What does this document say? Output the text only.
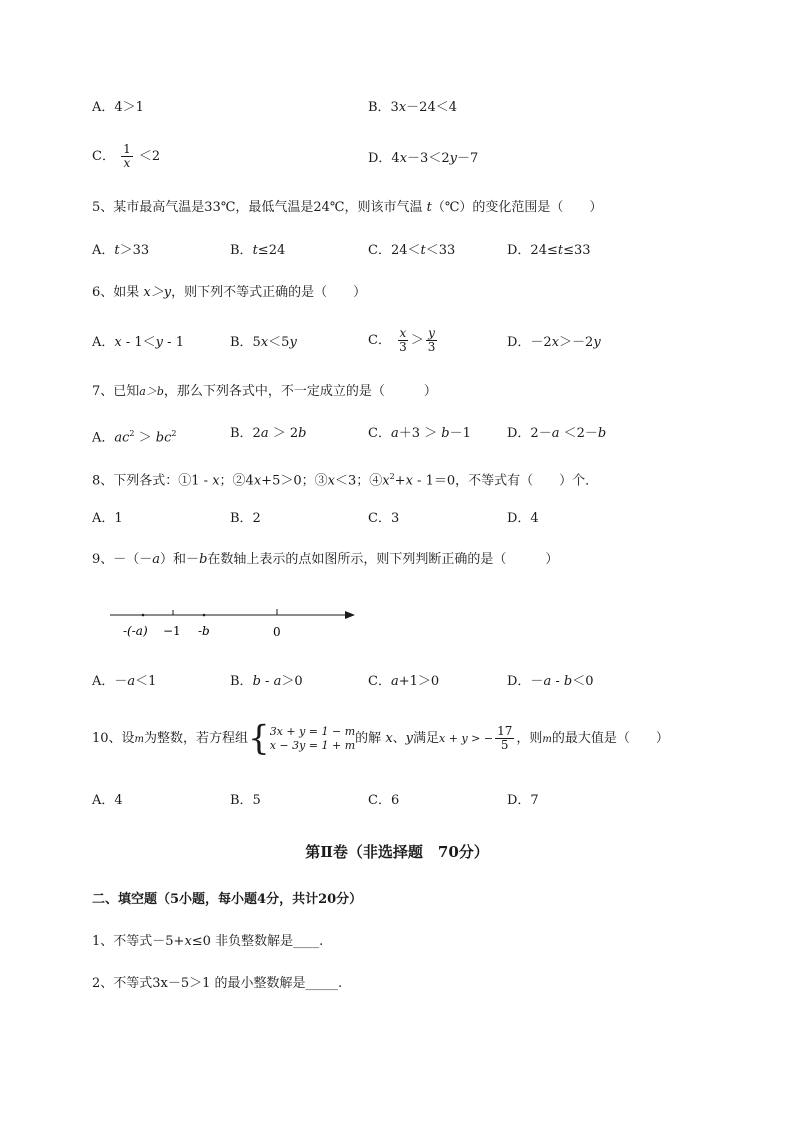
A．4＞1	B．3x－24＜4
C． $\frac{1}{x} <2$	D．4x－3＜2y－7
5、某市最高气温是33℃，最低气温是24℃，则该市气温 t（℃）的变化范围是（　　）
A．t＞33	B．t≤24	C．24＜t＜33	D．24≤t≤33
6、如果 x＞y，则下列不等式正确的是（　　）
A．x - 1＜y - 1	B．5x＜5y	C． $\frac{x}{3} > \frac{y}{3}$	D．－2x＞－2y
7、已知a＞b，那么下列各式中，不一定成立的是（　　　）
A．$ac^2 > bc^2$	B．2a ＞ 2b	C．a＋3 ＞ b－1	D．2－a ＜2－b
8、下列各式：①1 - x；②4x+5＞0；③x＜3；$④x^2+x - 1=0$，不等式有（　　）个．
A．1	B．2	C．3	D．4
9、－（－a）和－b在数轴上表示的点如图所示，则下列判断正确的是（　　　）
-(-a) −1 -b	0
A．－a＜1	B．b - a＞0	C．a+1＞0	D．－a - b＜0
10、设m为整数，若方程组{ 3x + y = 1 − m
x − 3y = 1 + m 的解 x、y满足x + y > − $\frac{17}{5}$ ，则m的最大值是（　　）
A．4	B．5	C．6	D．7
第Ⅱ卷（非选择题　70分）
二、填空题（5小题，每小题4分，共计20分）
1、不等式－5+x≤0 非负整数解是____.
2、不等式3x－5＞1 的最小整数解是_____.
